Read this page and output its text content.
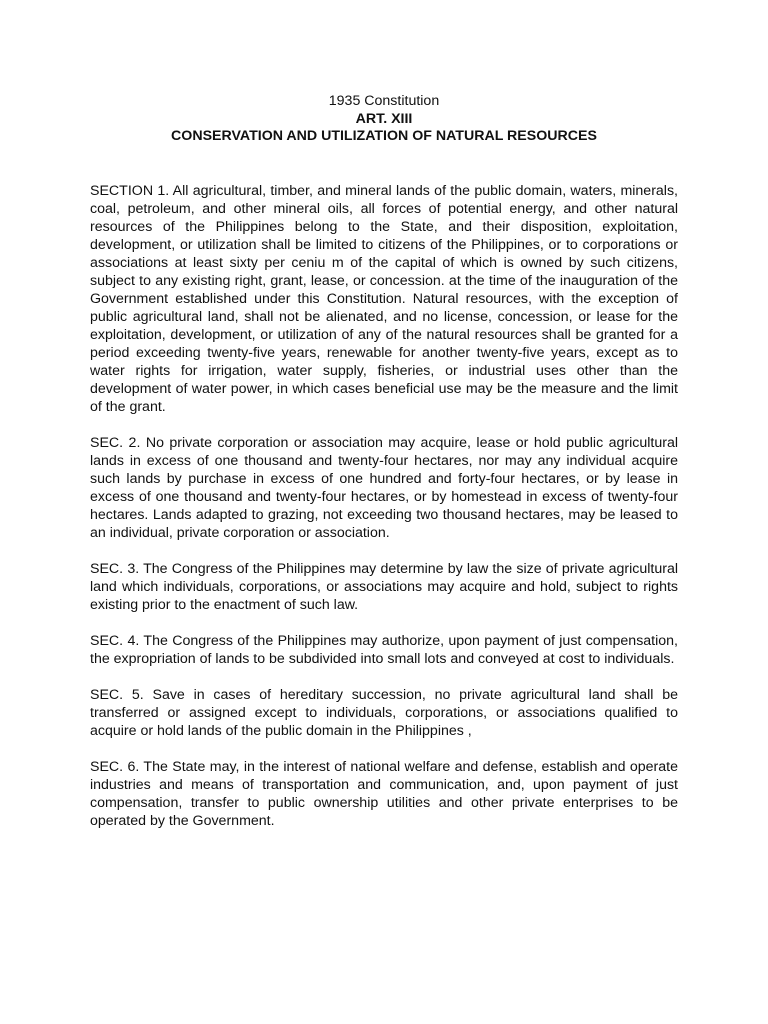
1935 Constitution
ART. XIII
CONSERVATION AND UTILIZATION OF NATURAL RESOURCES

SECTION 1. All agricultural, timber, and mineral lands of the public domain, waters, minerals, coal, petroleum, and other mineral oils, all forces of potential energy, and other natural resources of the Philippines belong to the State, and their disposition, exploitation, development, or utilization shall be limited to citizens of the Philippines, or to corporations or associations at least sixty per ceniu m of the capital of which is owned by such citizens, subject to any existing right, grant, lease, or concession. at the time of the inauguration of the Government established under this Constitution. Natural resources, with the exception of public agricultural land, shall not be alienated, and no license, concession, or lease for the exploitation, development, or utilization of any of the natural resources shall be granted for a period exceeding twenty-five years, renewable for another twenty-five years, except as to water rights for irrigation, water supply, fisheries, or industrial uses other than the development of water power, in which cases beneficial use may be the measure and the limit of the grant.

SEC. 2. No private corporation or association may acquire, lease or hold public agricultural lands in excess of one thousand and twenty-four hectares, nor may any individual acquire such lands by purchase in excess of one hundred and forty-four hectares, or by lease in excess of one thousand and twenty-four hectares, or by homestead in excess of twenty-four hectares. Lands adapted to grazing, not exceeding two thousand hectares, may be leased to an individual, private corporation or association.

SEC. 3. The Congress of the Philippines may determine by law the size of private agricultural land which individuals, corporations, or associations may acquire and hold, subject to rights existing prior to the enactment of such law.

SEC. 4. The Congress of the Philippines may authorize, upon payment of just compensation, the expropriation of lands to be subdivided into small lots and conveyed at cost to individuals.

SEC. 5. Save in cases of hereditary succession, no private agricultural land shall be transferred or assigned except to individuals, corporations, or associations qualified to acquire or hold lands of the public domain in the Philippines ,

SEC. 6. The State may, in the interest of national welfare and defense, establish and operate industries and means of transportation and communication, and, upon payment of just compensation, transfer to public ownership utilities and other private enterprises to be operated by the Government.
